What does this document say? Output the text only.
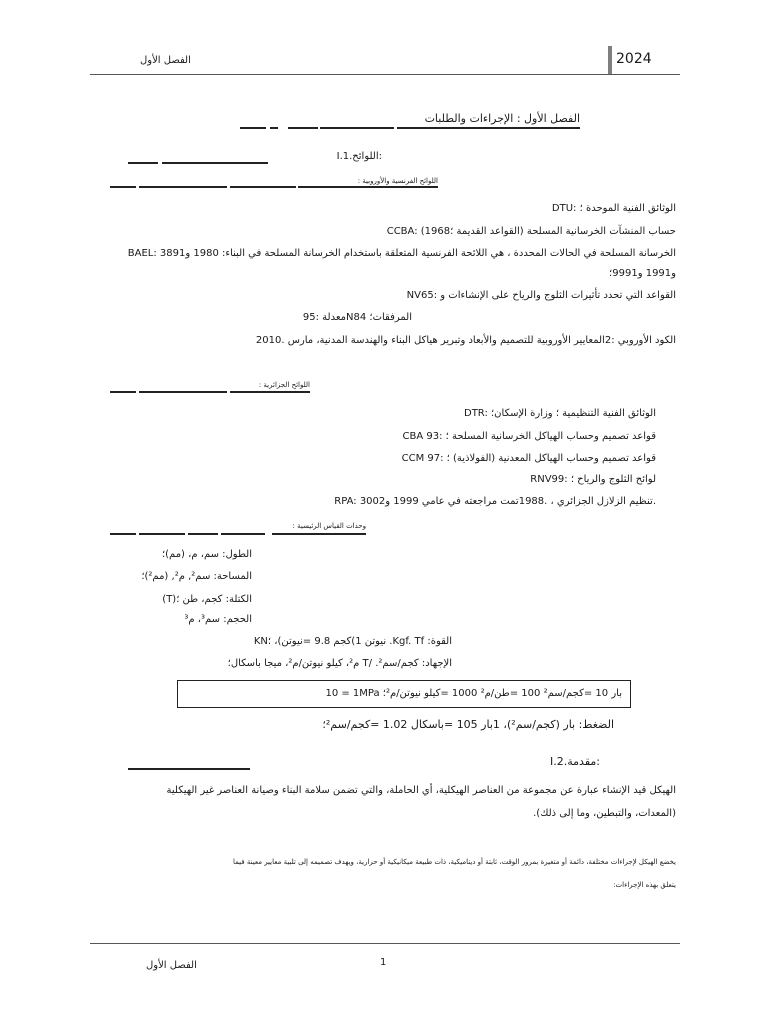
الفصل الأول	2024
الفصل الأول : الإجراءات والطلبات
I.1.اللوائح:
اللوائح الفرنسية والأوروبية :
DTU: الوثائق الفنية الموحدة ؛
CCBA: حساب المنشآت الخرسانية المسلحة (القواعد القديمة ؛1968)
BAEL: الخرسانة المسلحة في الحالات المحددة ، هي اللائحة الفرنسية المتعلقة باستخدام الخرسانة المسلحة في البناء: 1980 و3891
و1991 و9991؛
NV65: القواعد التي تحدد تأثيرات الثلوج والرياح على الإنشاءات و
المرفقات؛ N84معدلة :95
الكود الأوروبي :2المعايير الأوروبية للتصميم والأبعاد وتبرير هياكل البناء والهندسة المدنية، مارس .2010
اللوائح الجزائرية :
DTR: الوثائق الفنية التنظيمية ؛ وزارة الإسكان؛
CBA 93: قواعد تصميم وحساب الهياكل الخرسانية المسلحة ؛
CCM 97: قواعد تصميم وحساب الهياكل المعدنية (الفولاذية) ؛
RNV99: لوائح الثلوج والرياح ؛
RPA: تنظيم الزلازل الجزائري ، .1988تمت مراجعته في عامي 1999 و3002.
وحدات القياس الرئيسية :
الطول: سم، م، (مم)؛
المساحة: سم², م², (مم²)؛
الكتلة: كجم، طن ؛(T)
الحجم: سم³، م³
القوة: Kgf. Tf. نيوتن 1)كجم 9.8 =نيوتن)، ؛KN
الإجهاد: كجم/سم². /T م²، كيلو نيوتن/م²، ميجا باسكال؛
10 = 1MPa بار 10 =كجم/سم² 100 =طن/م² 1000 =كيلو نيوتن/م²؛
الضغط: بار (كجم/سم²)، 1بار 105 =باسكال 1.02 =كجم/سم²؛
I.2.مقدمة:
الهيكل قيد الإنشاء عبارة عن مجموعة من العناصر الهيكلية، أي الحاملة، والتي تضمن سلامة البناء وصيانة العناصر غير الهيكلية
(المعدات، والتبطين، وما إلى ذلك).
يخضع الهيكل لإجراءات مختلفة، دائمة أو متغيرة بمرور الوقت، ثابتة أو ديناميكية، ذات طبيعة ميكانيكية أو حرارية، ويهدف تصميمه إلى تلبية معايير معينة فيما
يتعلق بهذه الإجراءات:
1
الفصل الأول
